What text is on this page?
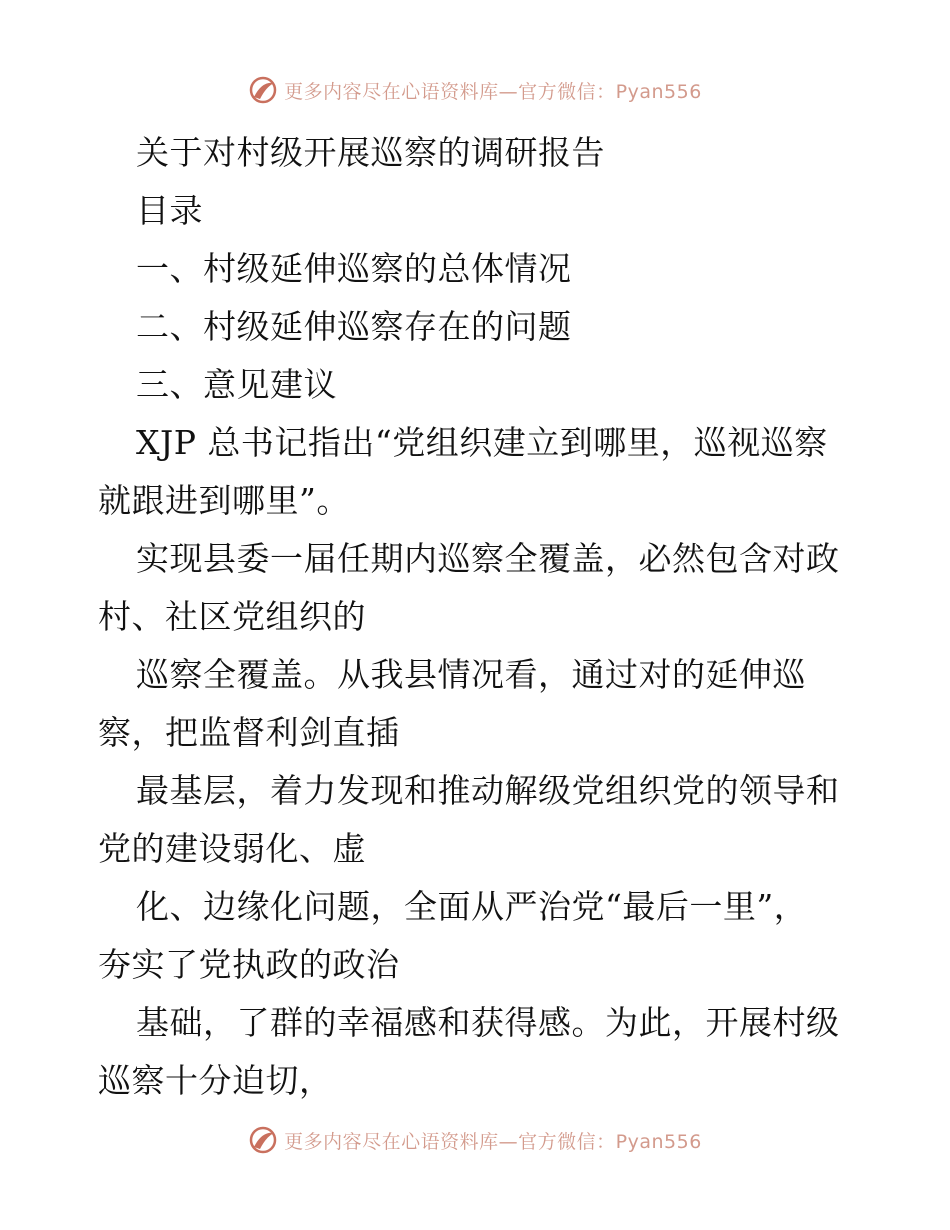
更多内容尽在心语资料库—官方微信：Pyan556
关于对村级开展巡察的调研报告
目录
一、村级延伸巡察的总体情况
二、村级延伸巡察存在的问题
三、意见建议
XJP 总书记指出“党组织建立到哪里，巡视巡察
就跟进到哪里”。
实现县委一届任期内巡察全覆盖，必然包含对政
村、社区党组织的
巡察全覆盖。从我县情况看，通过对的延伸巡
察，把监督利剑直插
最基层，着力发现和推动解级党组织党的领导和
党的建设弱化、虚
化、边缘化问题，全面从严治党“最后一里”，
夯实了党执政的政治
基础，了群的幸福感和获得感。为此，开展村级
巡察十分迫切，
更多内容尽在心语资料库—官方微信：Pyan556
